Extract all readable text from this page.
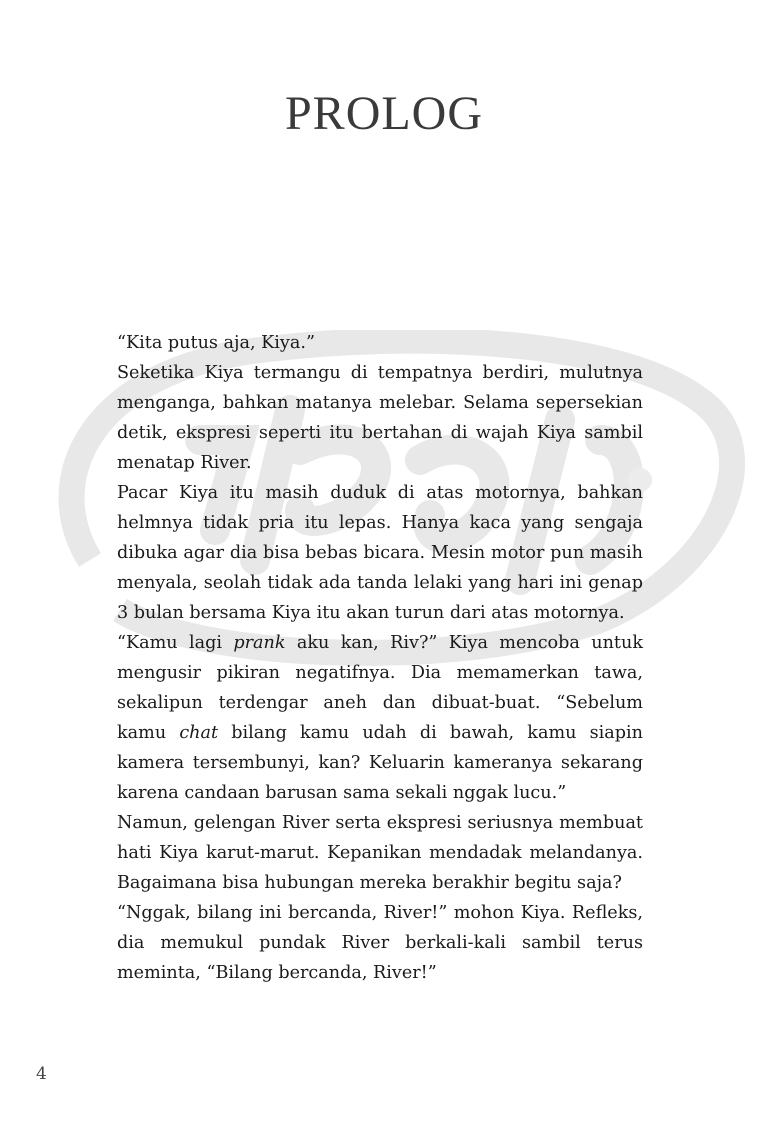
PROLOG

“Kita putus aja, Kiya.”

Seketika Kiya termangu di tempatnya berdiri, mulutnya menganga, bahkan matanya melebar. Selama sepersekian detik, ekspresi seperti itu bertahan di wajah Kiya sambil menatap River.

Pacar Kiya itu masih duduk di atas motornya, bahkan helmnya tidak pria itu lepas. Hanya kaca yang sengaja dibuka agar dia bisa bebas bicara. Mesin motor pun masih menyala, seolah tidak ada tanda lelaki yang hari ini genap 3 bulan bersama Kiya itu akan turun dari atas motornya.

“Kamu lagi prank aku kan, Riv?” Kiya mencoba untuk mengusir pikiran negatifnya. Dia memamerkan tawa, sekalipun terdengar aneh dan dibuat-buat. “Sebelum kamu chat bilang kamu udah di bawah, kamu siapin kamera tersembunyi, kan? Keluarin kameranya sekarang karena candaan barusan sama sekali nggak lucu.”

Namun, gelengan River serta ekspresi seriusnya membuat hati Kiya karut-marut. Kepanikan mendadak melandanya. Bagaimana bisa hubungan mereka berakhir begitu saja?

“Nggak, bilang ini bercanda, River!” mohon Kiya. Refleks, dia memukul pundak River berkali-kali sambil terus meminta, “Bilang bercanda, River!”

4
